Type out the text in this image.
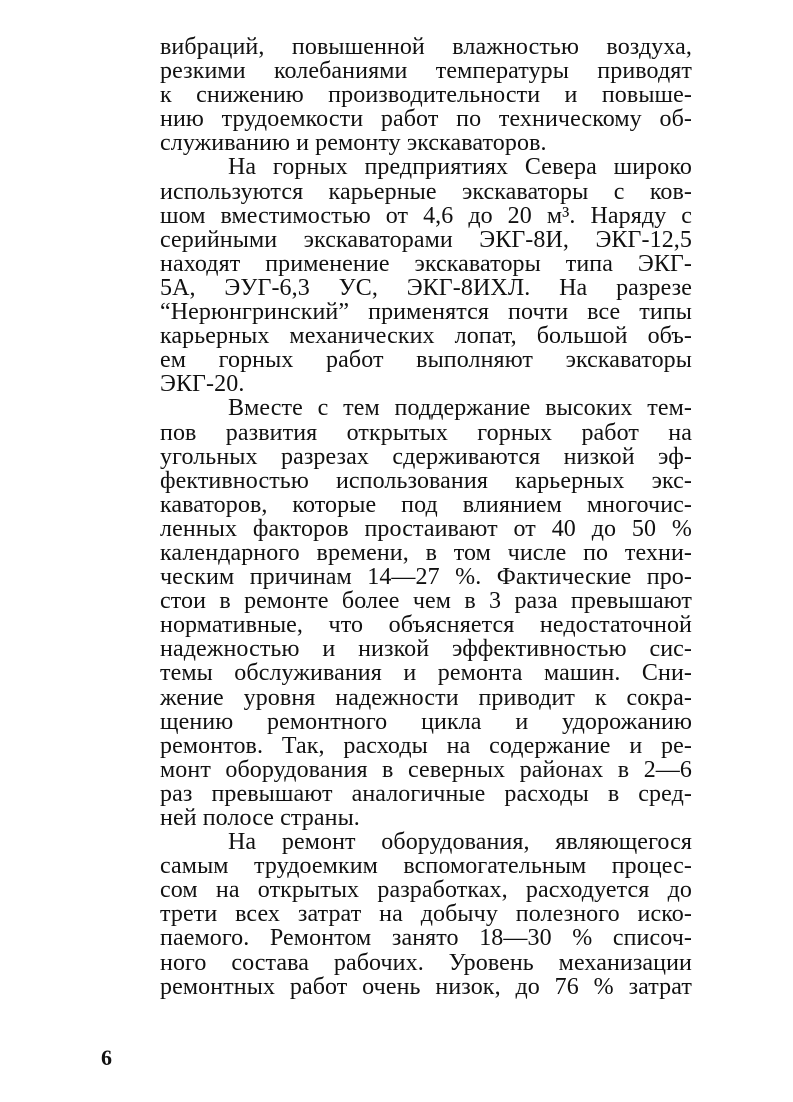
вибраций, повышенной влажностью воздуха,
резкими колебаниями температуры приводят
к снижению производительности и повыше-
нию трудоемкости работ по техническому об-
служиванию и ремонту экскаваторов.
На горных предприятиях Севера широко
используются карьерные экскаваторы с ков-
шом вместимостью от 4,6 до 20 м³. Наряду с
серийными экскаваторами ЭКГ-8И, ЭКГ-12,5
находят применение экскаваторы типа ЭКГ-
5А, ЭУГ-6,3 УС, ЭКГ-8ИХЛ. На разрезе
“Нерюнгринский” применятся почти все типы
карьерных механических лопат, большой объ-
ем горных работ выполняют экскаваторы
ЭКГ-20.
Вместе с тем поддержание высоких тем-
пов развития открытых горных работ на
угольных разрезах сдерживаются низкой эф-
фективностью использования карьерных экс-
каваторов, которые под влиянием многочис-
ленных факторов простаивают от 40 до 50 %
календарного времени, в том числе по техни-
ческим причинам 14—27 %. Фактические про-
стои в ремонте более чем в 3 раза превышают
нормативные, что объясняется недостаточной
надежностью и низкой эффективностью сис-
темы обслуживания и ремонта машин. Сни-
жение уровня надежности приводит к сокра-
щению ремонтного цикла и удорожанию
ремонтов. Так, расходы на содержание и ре-
монт оборудования в северных районах в 2—6
раз превышают аналогичные расходы в сред-
ней полосе страны.
На ремонт оборудования, являющегося
самым трудоемким вспомогательным процес-
сом на открытых разработках, расходуется до
трети всех затрат на добычу полезного иско-
паемого. Ремонтом занято 18—30 % списоч-
ного состава рабочих. Уровень механизации
ремонтных работ очень низок, до 76 % затрат
6
